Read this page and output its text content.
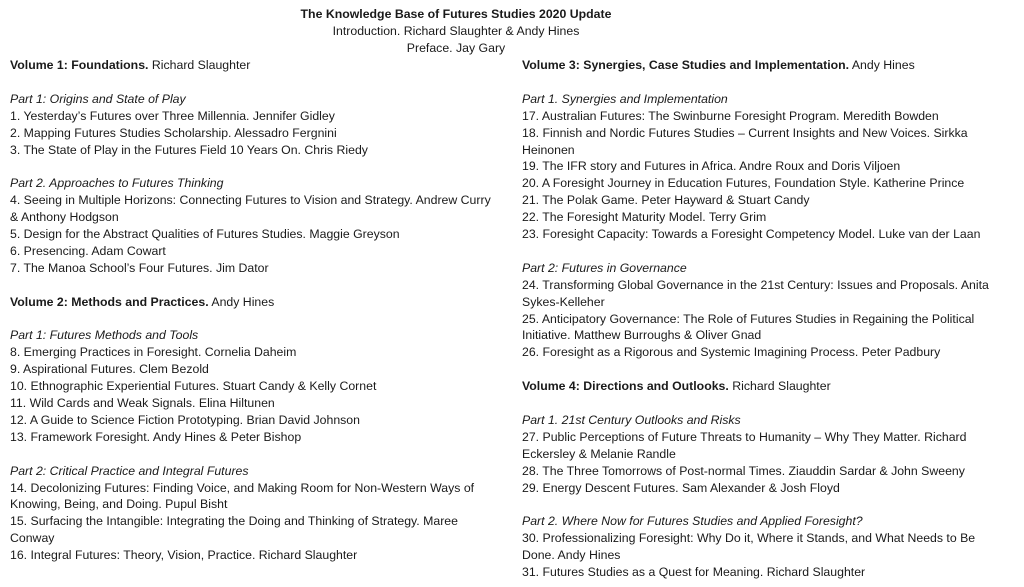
The Knowledge Base of Futures Studies 2020 Update
Introduction. Richard Slaughter & Andy Hines
Preface. Jay Gary
Volume 1: Foundations. Richard Slaughter
Part 1: Origins and State of Play
1. Yesterday’s Futures over Three Millennia. Jennifer Gidley
2. Mapping Futures Studies Scholarship. Alessadro Fergnini
3. The State of Play in the Futures Field 10 Years On. Chris Riedy
Part 2. Approaches to Futures Thinking
4. Seeing in Multiple Horizons: Connecting Futures to Vision and Strategy. Andrew Curry & Anthony Hodgson
5. Design for the Abstract Qualities of Futures Studies. Maggie Greyson
6. Presencing. Adam Cowart
7. The Manoa School’s Four Futures. Jim Dator
Volume 2: Methods and Practices. Andy Hines
Part 1: Futures Methods and Tools
8. Emerging Practices in Foresight. Cornelia Daheim
9. Aspirational Futures. Clem Bezold
10. Ethnographic Experiential Futures. Stuart Candy & Kelly Cornet
11. Wild Cards and Weak Signals. Elina Hiltunen
12. A Guide to Science Fiction Prototyping. Brian David Johnson
13. Framework Foresight. Andy Hines & Peter Bishop
Part 2: Critical Practice and Integral Futures
14. Decolonizing Futures: Finding Voice, and Making Room for Non-Western Ways of Knowing, Being, and Doing. Pupul Bisht
15. Surfacing the Intangible: Integrating the Doing and Thinking of Strategy. Maree Conway
16. Integral Futures: Theory, Vision, Practice. Richard Slaughter
Volume 3: Synergies, Case Studies and Implementation. Andy Hines
Part 1. Synergies and Implementation
17. Australian Futures: The Swinburne Foresight Program. Meredith Bowden
18. Finnish and Nordic Futures Studies – Current Insights and New Voices. Sirkka Heinonen
19. The IFR story and Futures in Africa. Andre Roux and Doris Viljoen
20. A Foresight Journey in Education Futures, Foundation Style. Katherine Prince
21. The Polak Game. Peter Hayward & Stuart Candy
22. The Foresight Maturity Model. Terry Grim
23. Foresight Capacity: Towards a Foresight Competency Model. Luke van der Laan
Part 2: Futures in Governance
24. Transforming Global Governance in the 21st Century: Issues and Proposals. Anita Sykes-Kelleher
25. Anticipatory Governance: The Role of Futures Studies in Regaining the Political Initiative. Matthew Burroughs & Oliver Gnad
26. Foresight as a Rigorous and Systemic Imagining Process. Peter Padbury
Volume 4: Directions and Outlooks. Richard Slaughter
Part 1. 21st Century Outlooks and Risks
27. Public Perceptions of Future Threats to Humanity – Why They Matter. Richard Eckersley & Melanie Randle
28. The Three Tomorrows of Post-normal Times. Ziauddin Sardar & John Sweeny
29. Energy Descent Futures. Sam Alexander & Josh Floyd
Part 2. Where Now for Futures Studies and Applied Foresight?
30. Professionalizing Foresight: Why Do it, Where it Stands, and What Needs to Be Done. Andy Hines
31. Futures Studies as a Quest for Meaning. Richard Slaughter
